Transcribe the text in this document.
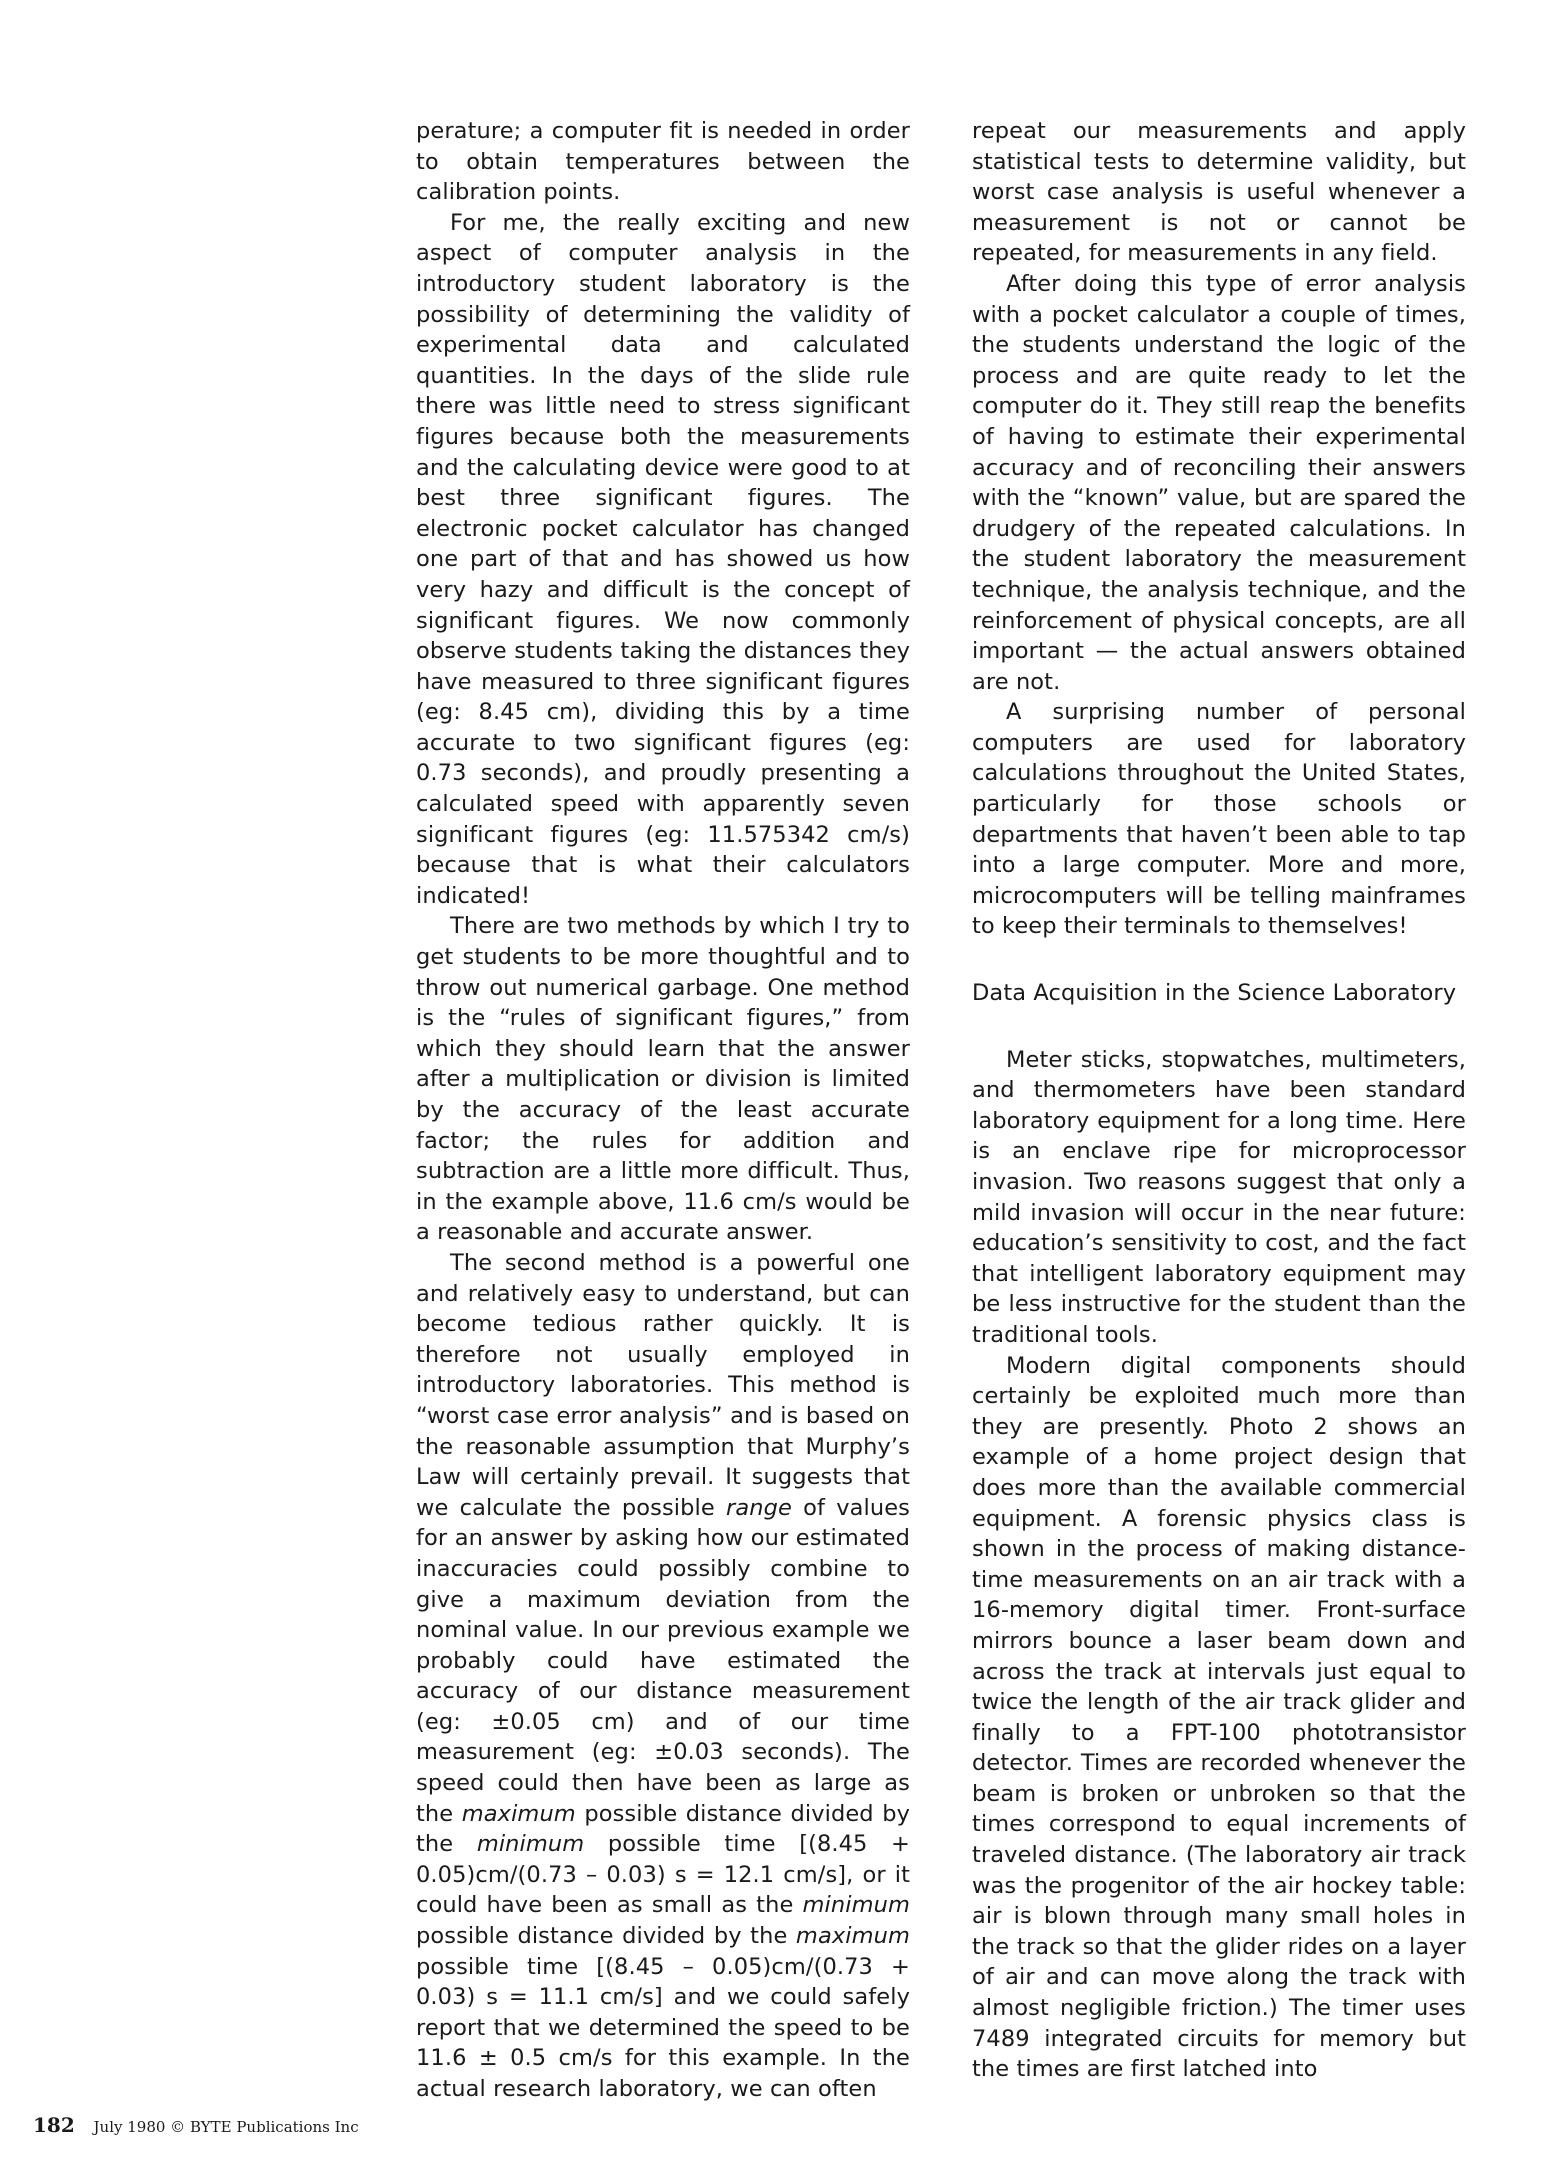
perature; a computer fit is needed in order to obtain temperatures between the calibration points.

For me, the really exciting and new aspect of computer analysis in the introductory student laboratory is the possibility of determining the validity of experimental data and calculated quantities. In the days of the slide rule there was little need to stress significant figures because both the measurements and the calculating device were good to at best three significant figures. The electronic pocket calculator has changed one part of that and has showed us how very hazy and difficult is the concept of significant figures. We now commonly observe students taking the distances they have measured to three significant figures (eg: 8.45 cm), dividing this by a time accurate to two significant figures (eg: 0.73 seconds), and proudly presenting a calculated speed with apparently seven significant figures (eg: 11.575342 cm/s) because that is what their calculators indicated!

There are two methods by which I try to get students to be more thoughtful and to throw out numerical garbage. One method is the “rules of significant figures,” from which they should learn that the answer after a multiplication or division is limited by the accuracy of the least accurate factor; the rules for addition and subtraction are a little more difficult. Thus, in the example above, 11.6 cm/s would be a reasonable and accurate answer.

The second method is a powerful one and relatively easy to understand, but can become tedious rather quickly. It is therefore not usually employed in introductory laboratories. This method is “worst case error analysis” and is based on the reasonable assumption that Murphy’s Law will certainly prevail. It suggests that we calculate the possible range of values for an answer by asking how our estimated inaccuracies could possibly combine to give a maximum deviation from the nominal value. In our previous example we probably could have estimated the accuracy of our distance measurement (eg: ±0.05 cm) and of our time measurement (eg: ±0.03 seconds). The speed could then have been as large as the maximum possible distance divided by the minimum possible time [(8.45 + 0.05)cm/(0.73 – 0.03) s = 12.1 cm/s], or it could have been as small as the minimum possible distance divided by the maximum possible time [(8.45 – 0.05)cm/(0.73 + 0.03) s = 11.1 cm/s] and we could safely report that we determined the speed to be 11.6 ± 0.5 cm/s for this example. In the actual research laboratory, we can often

repeat our measurements and apply statistical tests to determine validity, but worst case analysis is useful whenever a measurement is not or cannot be repeated, for measurements in any field.

After doing this type of error analysis with a pocket calculator a couple of times, the students understand the logic of the process and are quite ready to let the computer do it. They still reap the benefits of having to estimate their experimental accuracy and of reconciling their answers with the “known” value, but are spared the drudgery of the repeated calculations. In the student laboratory the measurement technique, the analysis technique, and the reinforcement of physical concepts, are all important — the actual answers obtained are not.

A surprising number of personal computers are used for laboratory calculations throughout the United States, particularly for those schools or departments that haven’t been able to tap into a large computer. More and more, microcomputers will be telling mainframes to keep their terminals to themselves!

Data Acquisition in the Science Laboratory

Meter sticks, stopwatches, multimeters, and thermometers have been standard laboratory equipment for a long time. Here is an enclave ripe for microprocessor invasion. Two reasons suggest that only a mild invasion will occur in the near future: education’s sensitivity to cost, and the fact that intelligent laboratory equipment may be less instructive for the student than the traditional tools.

Modern digital components should certainly be exploited much more than they are presently. Photo 2 shows an example of a home project design that does more than the available commercial equipment. A forensic physics class is shown in the process of making distance-time measurements on an air track with a 16-memory digital timer. Front-surface mirrors bounce a laser beam down and across the track at intervals just equal to twice the length of the air track glider and finally to a FPT-100 phototransistor detector. Times are recorded whenever the beam is broken or unbroken so that the times correspond to equal increments of traveled distance. (The laboratory air track was the progenitor of the air hockey table: air is blown through many small holes in the track so that the glider rides on a layer of air and can move along the track with almost negligible friction.) The timer uses 7489 integrated circuits for memory but the times are first latched into

182 July 1980 © BYTE Publications Inc
